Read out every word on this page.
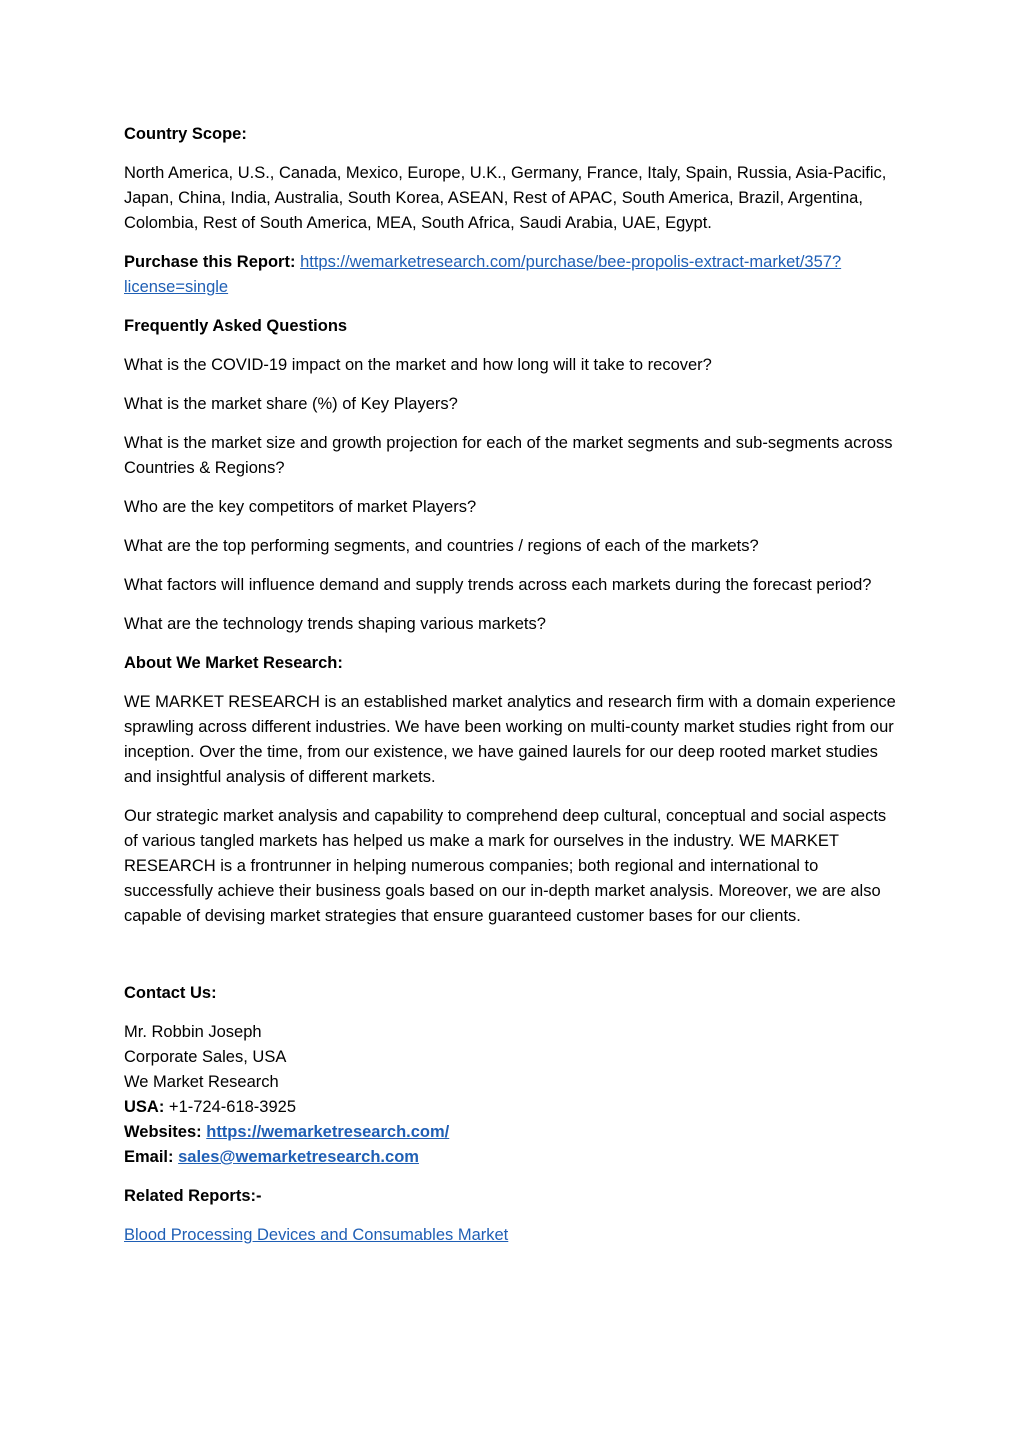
Country Scope:

North America, U.S., Canada, Mexico, Europe, U.K., Germany, France, Italy, Spain, Russia, Asia-Pacific, Japan, China, India, Australia, South Korea, ASEAN, Rest of APAC, South America, Brazil, Argentina, Colombia, Rest of South America, MEA, South Africa, Saudi Arabia, UAE, Egypt.

Purchase this Report: https://wemarketresearch.com/purchase/bee-propolis-extract-market/357?license=single

Frequently Asked Questions

What is the COVID-19 impact on the market and how long will it take to recover?

What is the market share (%) of Key Players?

What is the market size and growth projection for each of the market segments and sub-segments across Countries & Regions?

Who are the key competitors of market Players?

What are the top performing segments, and countries / regions of each of the markets?

What factors will influence demand and supply trends across each markets during the forecast period?

What are the technology trends shaping various markets?

About We Market Research:

WE MARKET RESEARCH is an established market analytics and research firm with a domain experience sprawling across different industries. We have been working on multi-county market studies right from our inception. Over the time, from our existence, we have gained laurels for our deep rooted market studies and insightful analysis of different markets.

Our strategic market analysis and capability to comprehend deep cultural, conceptual and social aspects of various tangled markets has helped us make a mark for ourselves in the industry. WE MARKET RESEARCH is a frontrunner in helping numerous companies; both regional and international to successfully achieve their business goals based on our in-depth market analysis. Moreover, we are also capable of devising market strategies that ensure guaranteed customer bases for our clients.

Contact Us:

Mr. Robbin Joseph
Corporate Sales, USA
We Market Research
USA: +1-724-618-3925
Websites: https://wemarketresearch.com/
Email: sales@wemarketresearch.com

Related Reports:-

Blood Processing Devices and Consumables Market
